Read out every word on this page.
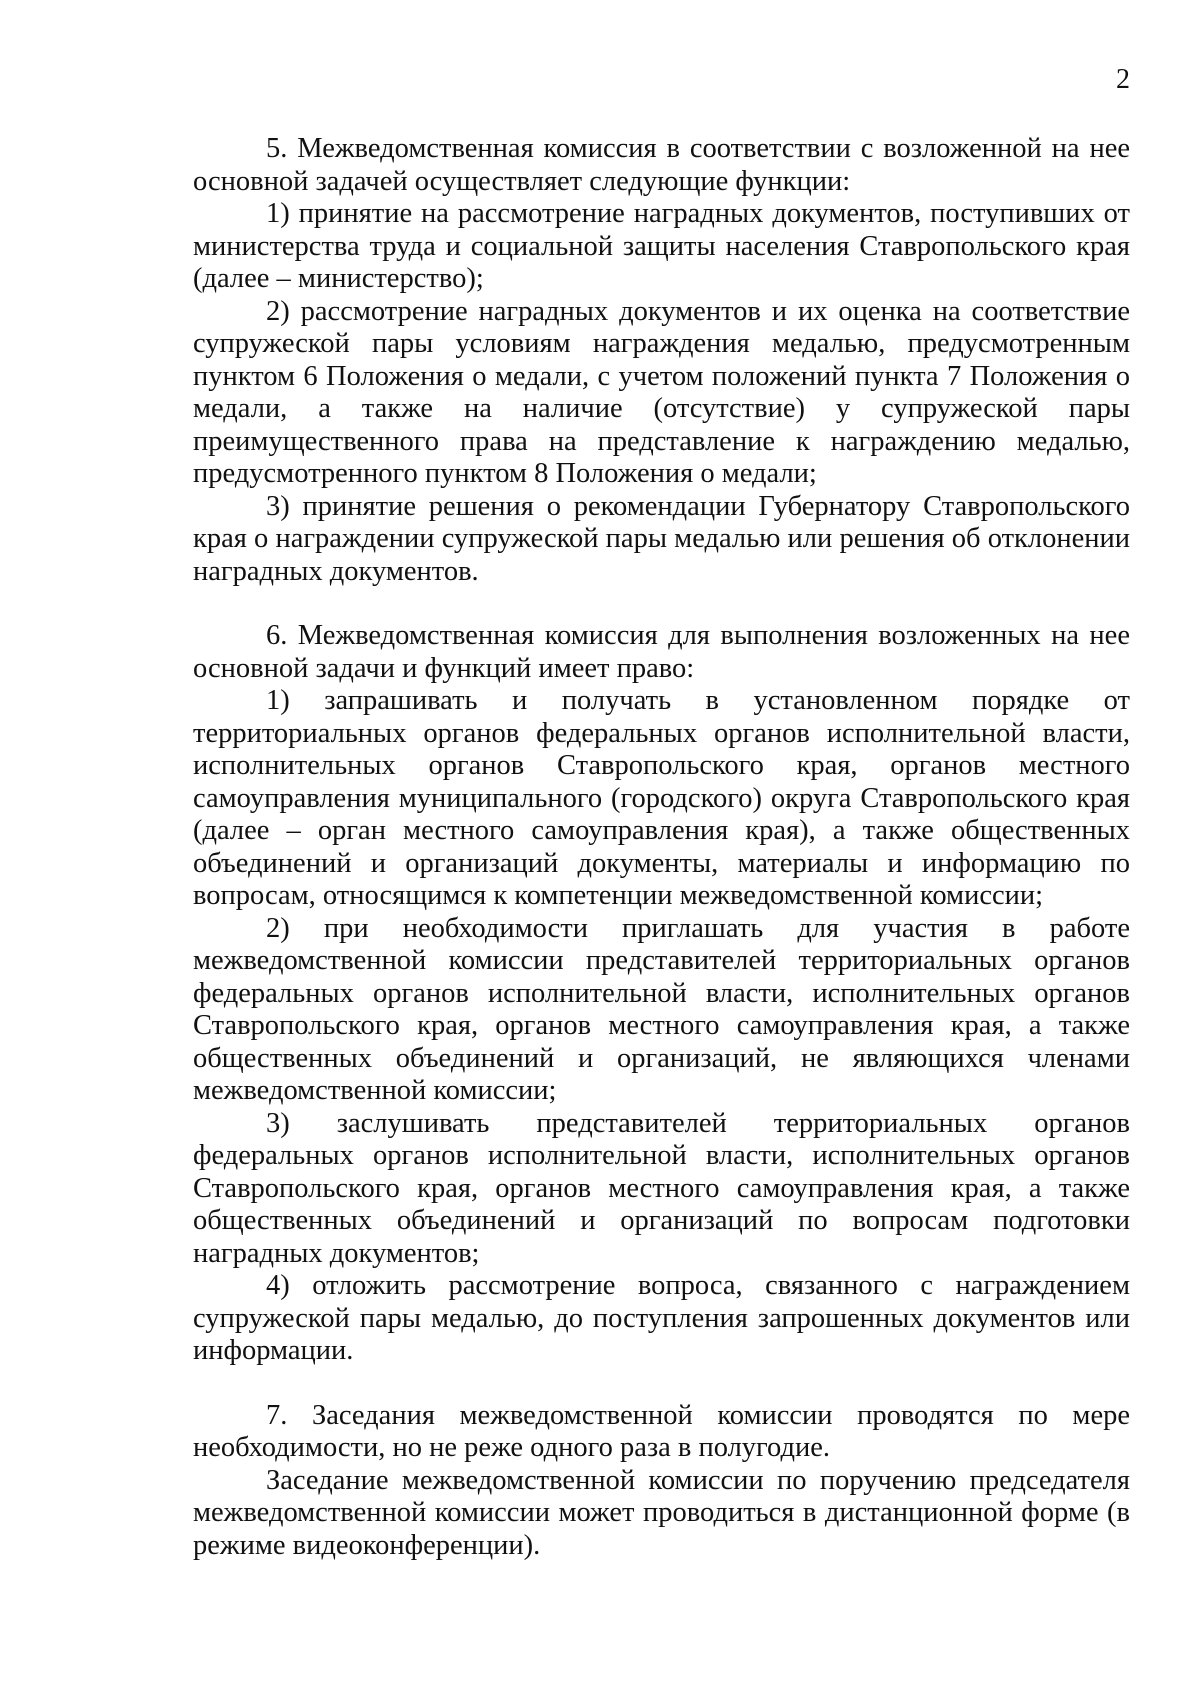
2

5. Межведомственная комиссия в соответствии с возложенной на нее основной задачей осуществляет следующие функции:

1) принятие на рассмотрение наградных документов, поступивших от министерства труда и социальной защиты населения Ставропольского края (далее – министерство);

2) рассмотрение наградных документов и их оценка на соответствие супружеской пары условиям награждения медалью, предусмотренным пунктом 6 Положения о медали, с учетом положений пункта 7 Положения о медали, а также на наличие (отсутствие) у супружеской пары преимущественного права на представление к награждению медалью, предусмотренного пунктом 8 Положения о медали;

3) принятие решения о рекомендации Губернатору Ставропольского края о награждении супружеской пары медалью или решения об отклонении наградных документов.

6. Межведомственная комиссия для выполнения возложенных на нее основной задачи и функций имеет право:

1) запрашивать и получать в установленном порядке от территориальных органов федеральных органов исполнительной власти, исполнительных органов Ставропольского края, органов местного самоуправления муниципального (городского) округа Ставропольского края (далее – орган местного самоуправления края), а также общественных объединений и организаций документы, материалы и информацию по вопросам, относящимся к компетенции межведомственной комиссии;

2) при необходимости приглашать для участия в работе межведомственной комиссии представителей территориальных органов федеральных органов исполнительной власти, исполнительных органов Ставропольского края, органов местного самоуправления края, а также общественных объединений и организаций, не являющихся членами межведомственной комиссии;

3) заслушивать представителей территориальных органов федеральных органов исполнительной власти, исполнительных органов Ставропольского края, органов местного самоуправления края, а также общественных объединений и организаций по вопросам подготовки наградных документов;

4) отложить рассмотрение вопроса, связанного с награждением супружеской пары медалью, до поступления запрошенных документов или информации.

7. Заседания межведомственной комиссии проводятся по мере необходимости, но не реже одного раза в полугодие.

Заседание межведомственной комиссии по поручению председателя межведомственной комиссии может проводиться в дистанционной форме (в режиме видеоконференции).
